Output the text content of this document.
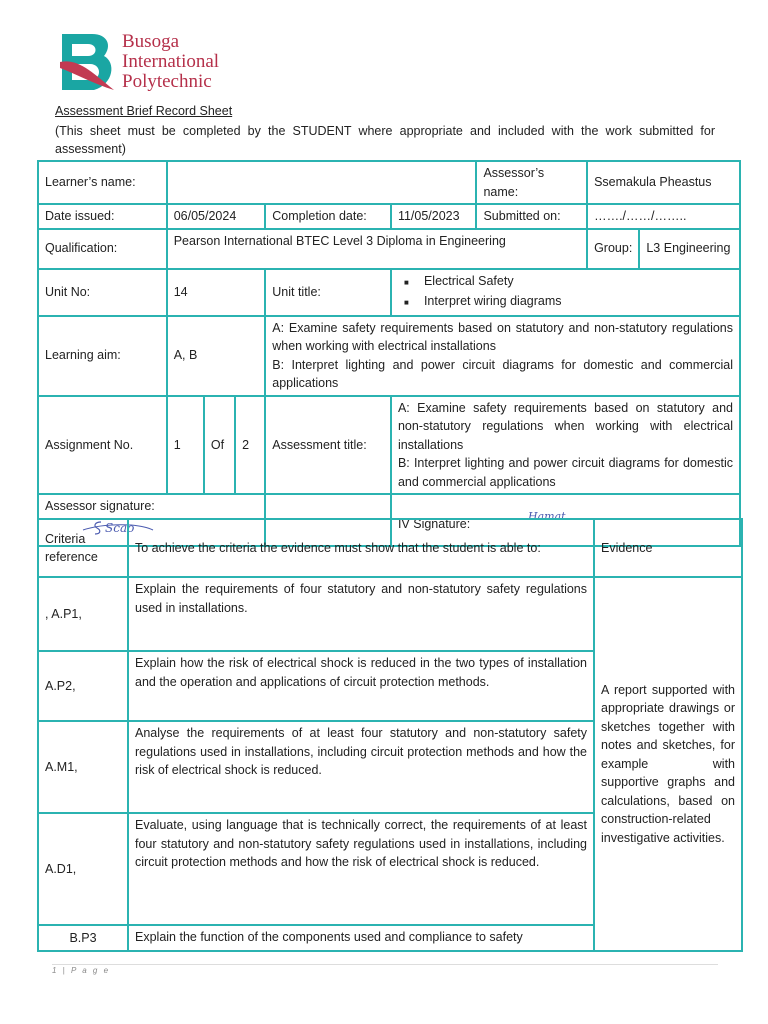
Busoga
International
Polytechnic
Assessment Brief Record Sheet
(This sheet must be completed by the STUDENT where appropriate and included with the work submitted for assessment)
Learner’s name:						Assessor’s name:	Ssemakula Pheastus	
Date issued:	06/05/2024			Completion date:	11/05/2023	Submitted on:	……./……/……..	
Qualification:	Pearson International BTEC Level 3 Diploma in Engineering						Group:	L3 Engineering
Unit No:	14			Unit title:	■ Electrical Safety
■ Interpret wiring diagrams			

Learning aim:	A, B			A: Examine safety requirements based on statutory and non-statutory regulations when working with electrical installations
B: Interpret lighting and power circuit diagrams for domestic and commercial applications				

Assignment No.	1	Of	2	Assessment title:	A: Examine safety requirements based on statutory and non-statutory regulations when working with electrical installations
B: Interpret lighting and power circuit diagrams for domestic and commercial applications			

Assessor signature:
Scao					IV Signature:
Hamat			
Criteria reference	To achieve the criteria the evidence must show that the student is able to:	Evidence
, A.P1,	Explain the requirements of four statutory and non-statutory safety regulations used in installations.	A report supported with appropriate drawings or sketches together with notes and sketches, for example with supportive graphs and calculations, based on construction-related investigative activities.
A.P2,	Explain how the risk of electrical shock is reduced in the two types of installation and the operation and applications of circuit protection methods.	
A.M1,	Analyse the requirements of at least four statutory and non-statutory safety regulations used in installations, including circuit protection methods and how the risk of electrical shock is reduced.	
A.D1,	Evaluate, using language that is technically correct, the requirements of at least four statutory and non-statutory safety regulations used in installations, including circuit protection methods and how the risk of electrical shock is reduced.	
B.P3	Explain the function of the components used and compliance to safety	
1 | P a g e
